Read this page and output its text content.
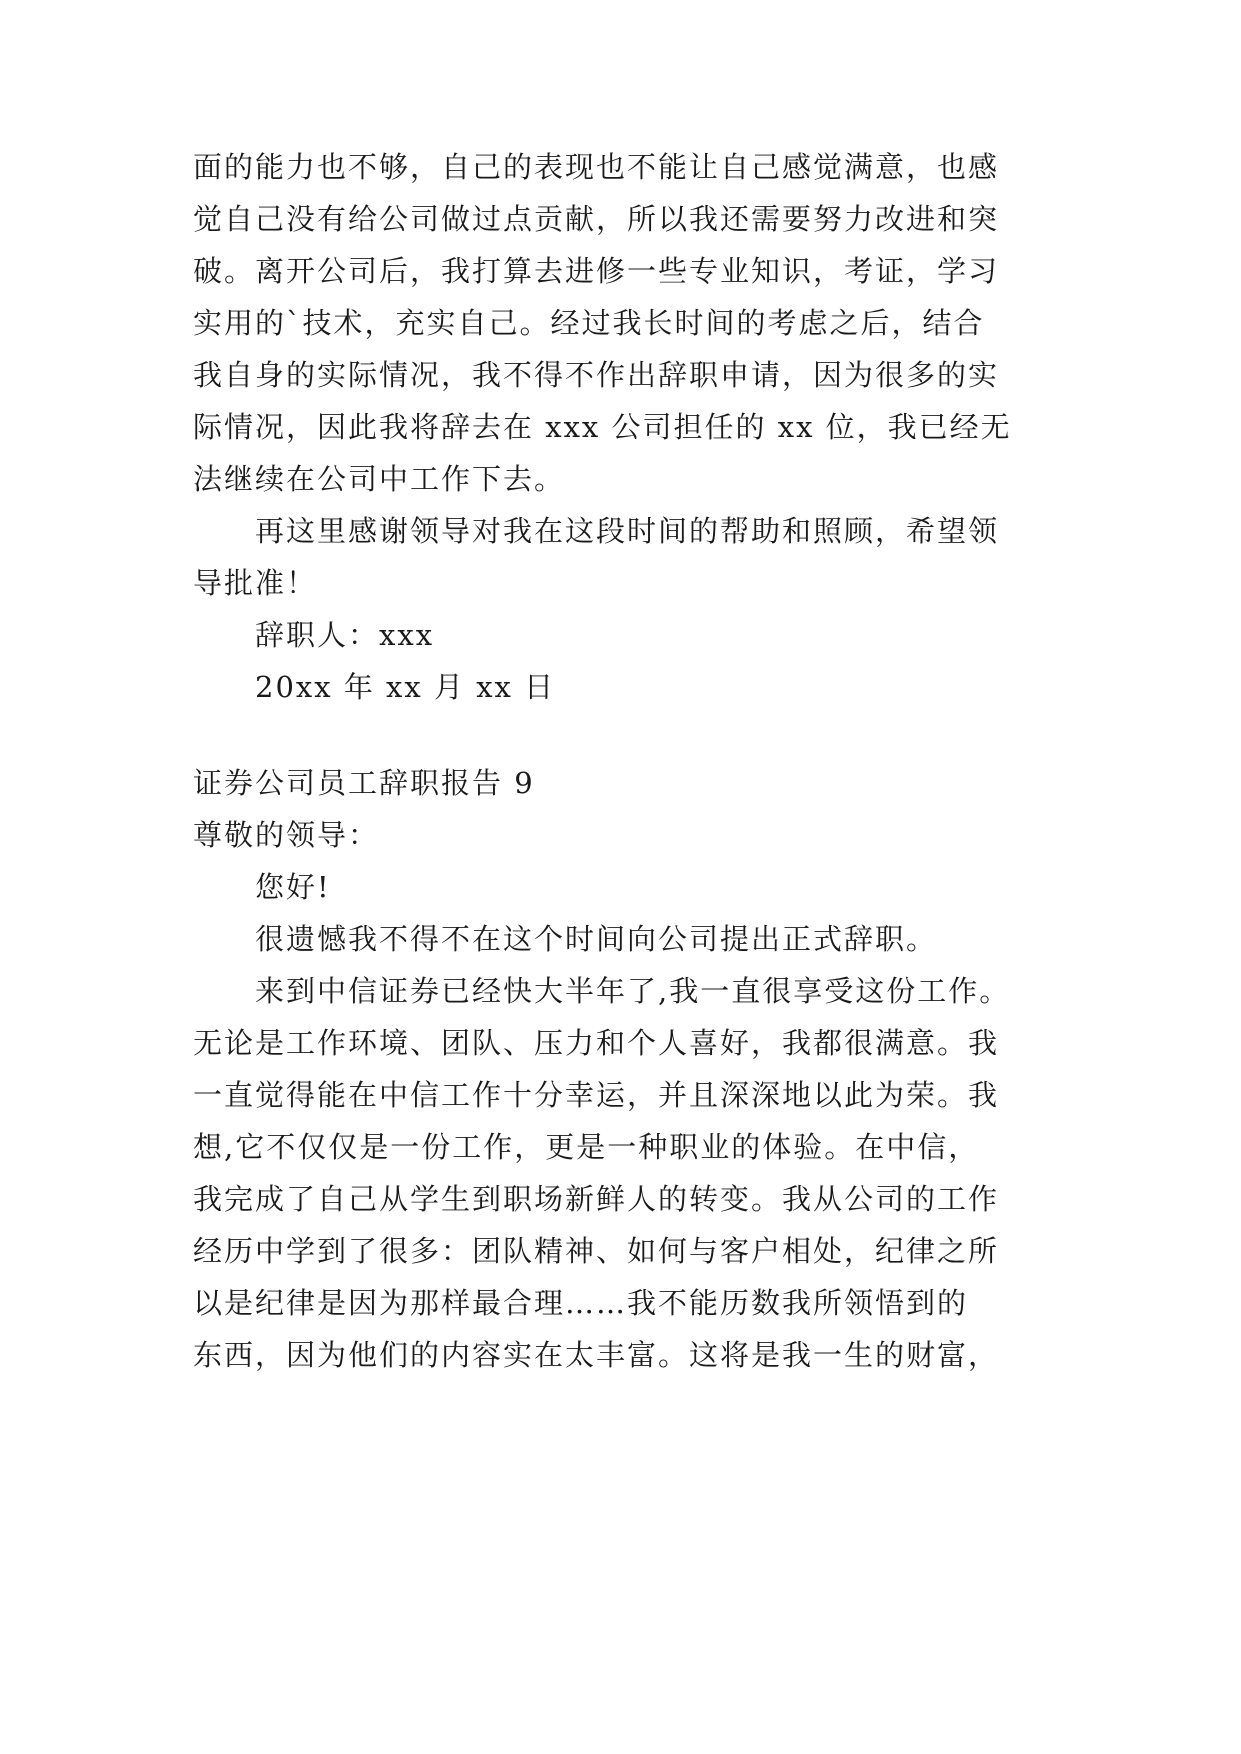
面的能力也不够，自己的表现也不能让自己感觉满意，也感
觉自己没有给公司做过点贡献，所以我还需要努力改进和突
破。离开公司后，我打算去进修一些专业知识，考证，学习
实用的`技术，充实自己。经过我长时间的考虑之后，结合
我自身的实际情况，我不得不作出辞职申请，因为很多的实
际情况，因此我将辞去在 xxx 公司担任的 xx 位，我已经无
法继续在公司中工作下去。
再这里感谢领导对我在这段时间的帮助和照顾，希望领
导批准！
辞职人：xxx
20xx 年 xx 月 xx 日
证券公司员工辞职报告 9
尊敬的领导：
您好!
很遗憾我不得不在这个时间向公司提出正式辞职。
来到中信证券已经快大半年了,我一直很享受这份工作。
无论是工作环境、团队、压力和个人喜好，我都很满意。我
一直觉得能在中信工作十分幸运，并且深深地以此为荣。我
想,它不仅仅是一份工作，更是一种职业的体验。在中信，
我完成了自己从学生到职场新鲜人的转变。我从公司的工作
经历中学到了很多：团队精神、如何与客户相处，纪律之所
以是纪律是因为那样最合理……我不能历数我所领悟到的
东西，因为他们的内容实在太丰富。这将是我一生的财富，
